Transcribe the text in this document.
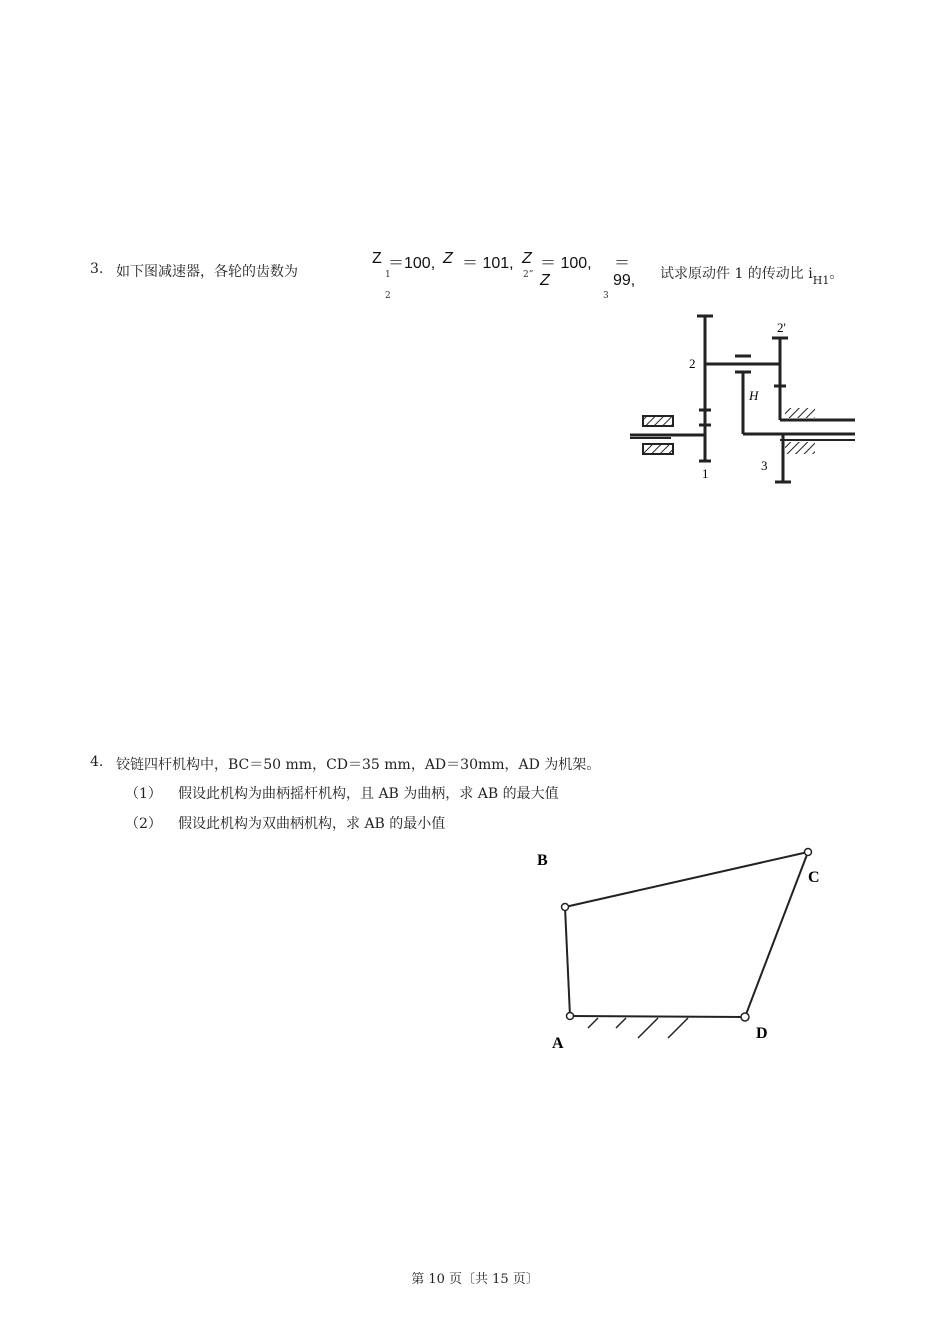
3. 如下图减速器，各轮的齿数为
Z
1
＝100, Z
2
＝ 101, Z
2”
＝ 100, ＝
Z
3
99, 试求原动件 1 的传动比 $i_{H1}$。
2
2'
H
1
3
4. 铰链四杆机构中，BC＝50 mm，CD＝35 mm，AD＝30mm，AD 为机架。
（1） 假设此机构为曲柄摇杆机构，且 AB 为曲柄，求 AB 的最大值
（2） 假设此机构为双曲柄机构，求 AB 的最小值
B
C
A
D
第 10 页〔共 15 页〕
